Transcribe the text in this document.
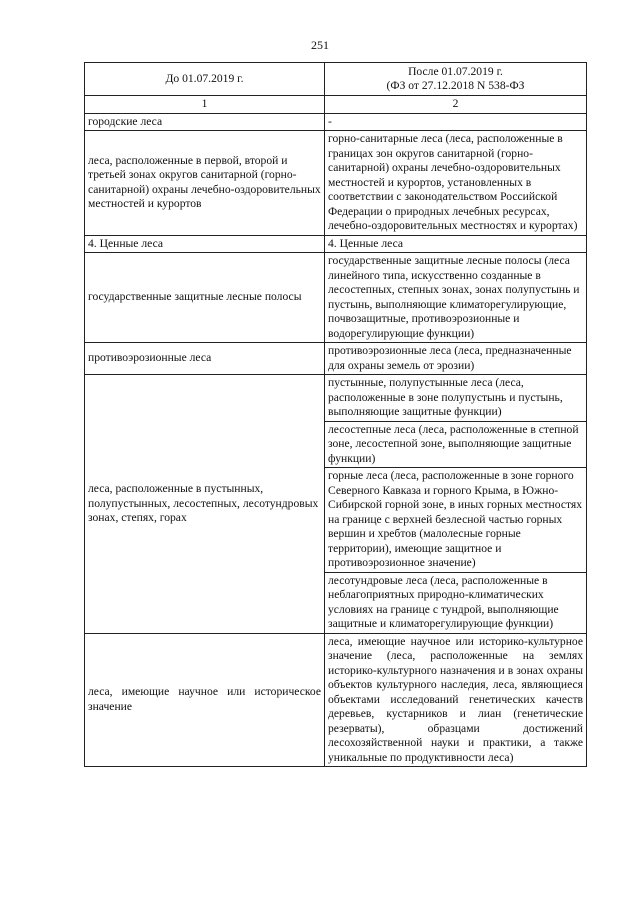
251
До 01.07.2019 г.	После 01.07.2019 г.
(ФЗ от 27.12.2018 N 538-ФЗ

1	2
городские леса	-
леса, расположенные в первой, второй и третьей зонах округов санитарной (горно-санитарной) охраны лечебно-оздоровительных местностей и курортов	горно-санитарные леса (леса, расположенные в границах зон округов санитарной (горно-санитарной) охраны лечебно-оздоровительных местностей и курортов, установленных в соответствии с законодательством Российской Федерации о природных лечебных ресурсах, лечебно-оздоровительных местностях и курортах)
4. Ценные леса	4. Ценные леса
государственные защитные лесные полосы	государственные защитные лесные полосы (леса линейного типа, искусственно созданные в лесостепных, степных зонах, зонах полупустынь и пустынь, выполняющие климаторегулирующие, почвозащитные, противоэрозионные и водорегулирующие функции)
противоэрозионные леса	противоэрозионные леса (леса, предназначенные для охраны земель от эрозии)
леса, расположенные в пустынных, полупустынных, лесостепных, лесотундровых зонах, степях, горах	пустынные, полупустынные леса (леса, расположенные в зоне полупустынь и пустынь, выполняющие защитные функции)
	лесостепные леса (леса, расположенные в степной зоне, лесостепной зоне, выполняющие защитные функции)
	горные леса (леса, расположенные в зоне горного Северного Кавказа и горного Крыма, в Южно-Сибирской горной зоне, в иных горных местностях на границе с верхней безлесной частью горных вершин и хребтов (малолесные горные территории), имеющие защитное и противоэрозионное значение)
	лесотундровые леса (леса, расположенные в неблагоприятных природно-климатических условиях на границе с тундрой, выполняющие защитные и климаторегулирующие функции)
леса, имеющие научное или историческое значение	леса, имеющие научное или историко-культурное значение (леса, расположенные на землях историко-культурного назначения и в зонах охраны объектов культурного наследия, леса, являющиеся объектами исследований генетических качеств деревьев, кустарников и лиан (генетические резерваты), образцами достижений лесохозяйственной науки и практики, а также уникальные по продуктивности леса)
